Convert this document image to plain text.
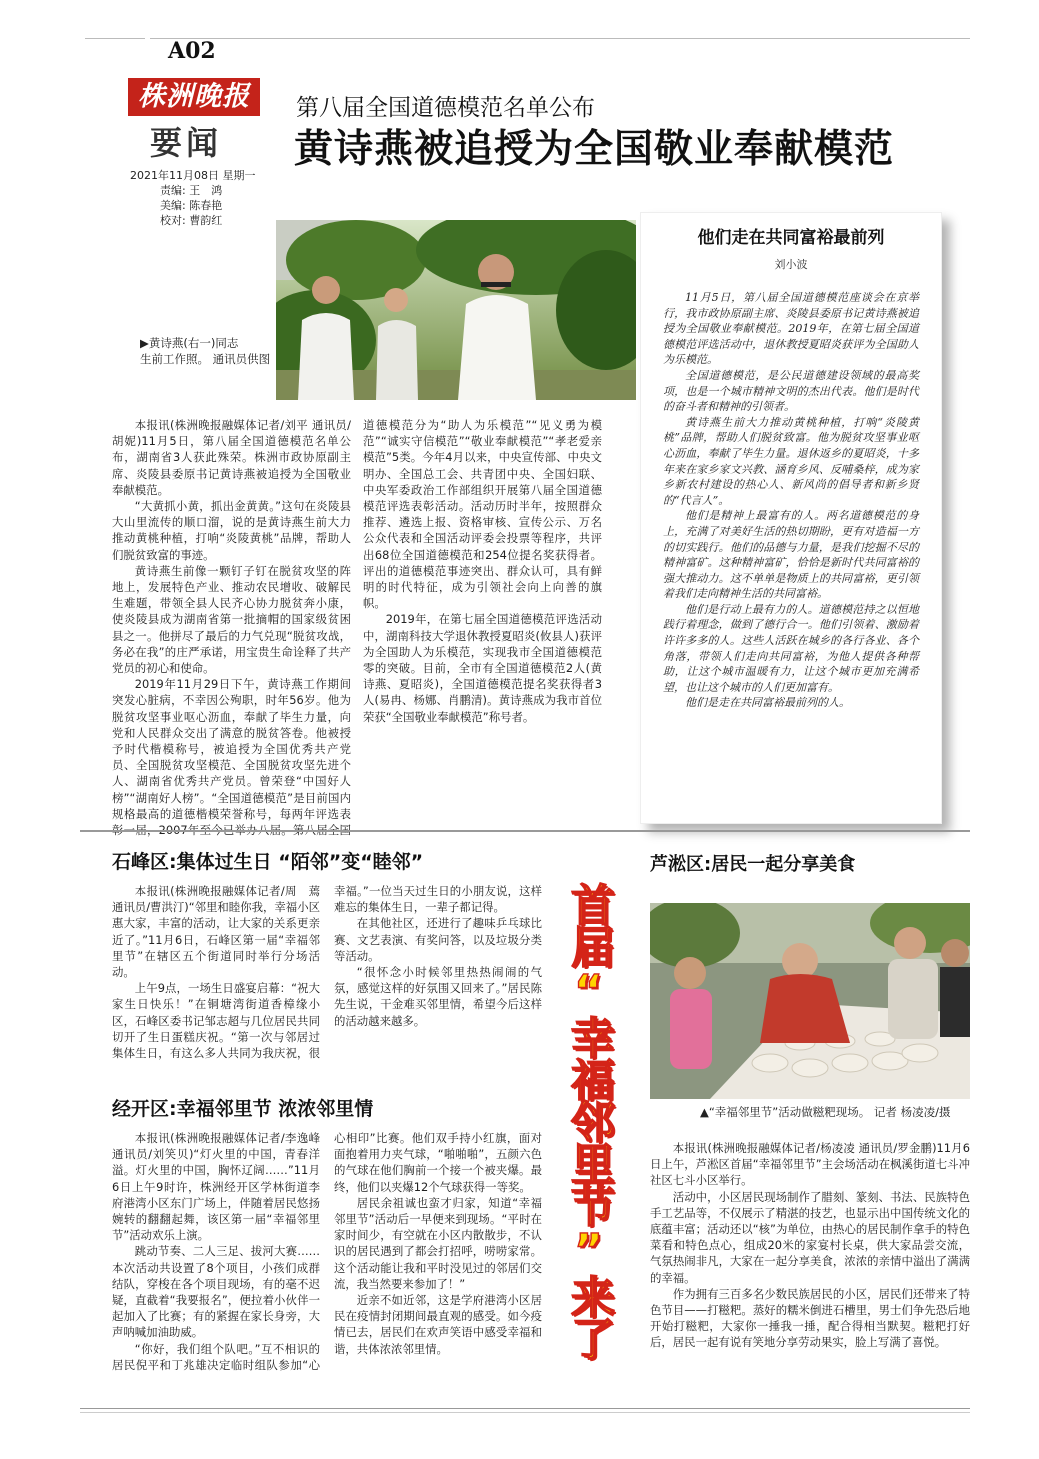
A02
株洲晚报
要闻
2021年11月08日 星期一
责编: 王　鸿
美编: 陈春艳
校对: 曹韵红
第八届全国道德模范名单公布
黄诗燕被追授为全国敬业奉献模范
▶黄诗燕(右一)同志
生前工作照。 通讯员供图

本报讯(株洲晚报融媒体记者/刘平 通讯员/胡妮)11月5日，第八届全国道德模范名单公布，湖南省3人获此殊荣。株洲市政协原副主席、炎陵县委原书记黄诗燕被追授为全国敬业奉献模范。

“大黄抓小黄，抓出金黄黄。”这句在炎陵县大山里流传的顺口溜，说的是黄诗燕生前大力推动黄桃种植，打响“炎陵黄桃”品牌，帮助人们脱贫致富的事迹。

黄诗燕生前像一颗钉子钉在脱贫攻坚的阵地上，发展特色产业、推动农民增收、破解民生难题，带领全县人民齐心协力脱贫奔小康，使炎陵县成为湖南省第一批摘帽的国家级贫困县之一。他拼尽了最后的力气兑现“脱贫攻战，务必在我”的庄严承诺，用宝贵生命诠释了共产党员的初心和使命。

2019年11月29日下午，黄诗燕工作期间突发心脏病，不幸因公殉职，时年56岁。他为脱贫攻坚事业呕心沥血，奉献了毕生力量，向党和人民群众交出了满意的脱贫答卷。他被授予时代楷模称号，被追授为全国优秀共产党员、全国脱贫攻坚模范、全国脱贫攻坚先进个人、湖南省优秀共产党员。曾荣登“中国好人榜”“湖南好人榜”。“全国道德模范”是目前国内规格最高的道德楷模荣誉称号，每两年评选表彰一届，2007年至今已举办八届。第八届全国道德模范分为“助人为乐模范”“见义勇为模范”“诚实守信模范”“敬业奉献模范”“孝老爱亲模范”5类。今年4月以来，中央宣传部、中央文明办、全国总工会、共青团中央、全国妇联、中央军委政治工作部组织开展第八届全国道德模范评选表彰活动。活动历时半年，按照群众推荐、遴选上报、资格审核、宣传公示、万名公众代表和全国活动评委会投票等程序，共评出68位全国道德模范和254位提名奖获得者。评出的道德模范事迹突出、群众认可，具有鲜明的时代特征，成为引领社会向上向善的旗帜。

2019年，在第七届全国道德模范评选活动中，湖南科技大学退休教授夏昭炎(攸县人)获评为全国助人为乐模范，实现我市全国道德模范零的突破。目前，全市有全国道德模范2人(黄诗燕、夏昭炎)，全国道德模范提名奖获得者3人(易冉、杨娜、肖鹏清)。黄诗燕成为我市首位荣获“全国敬业奉献模范”称号者。

他们走在共同富裕最前列
刘小波

11月5日，第八届全国道德模范座谈会在京举行，我市政协原副主席、炎陵县委原书记黄诗燕被追授为全国敬业奉献模范。2019年，在第七届全国道德模范评选活动中，退休教授夏昭炎获评为全国助人为乐模范。

全国道德模范，是公民道德建设领域的最高奖项，也是一个城市精神文明的杰出代表。他们是时代的奋斗者和精神的引领者。

黄诗燕生前大力推动黄桃种植，打响“炎陵黄桃”品牌，帮助人们脱贫致富。他为脱贫攻坚事业呕心沥血，奉献了毕生力量。退休返乡的夏昭炎，十多年来在家乡家文兴教、涵育乡风、反哺桑梓，成为家乡新农村建设的热心人、新风尚的倡导者和新乡贤的“代言人”。

他们是精神上最富有的人。两名道德模范的身上，充满了对美好生活的热切期盼，更有对造福一方的切实践行。他们的品德与力量，是我们挖掘不尽的精神富矿。这种精神富矿，恰恰是新时代共同富裕的强大推动力。这不单单是物质上的共同富裕，更引领着我们走向精神生活的共同富裕。

他们是行动上最有力的人。道德模范持之以恒地践行着理念，做到了德行合一。他们引领着、激励着许许多多的人。这些人活跃在城乡的各行各业、各个角落，带领人们走向共同富裕，为他人提供各种帮助，让这个城市温暖有力，让这个城市更加充满希望，也让这个城市的人们更加富有。

他们是走在共同富裕最前列的人。

石峰区:集体过生日 “陌邻”变“睦邻”

本报讯(株洲晚报融媒体记者/周　蔫 通讯员/曹洪汀)“邻里和睦你我，幸福小区惠大家，丰富的活动，让大家的关系更亲近了。”11月6日，石峰区第一届“幸福邻里节”在辖区五个街道同时举行分场活动。

上午9点，一场生日盛宴启幕：“祝大家生日快乐！”在铜塘湾街道香樟缘小区，石峰区委书记邹志超与几位居民共同切开了生日蛋糕庆祝。“第一次与邻居过集体生日，有这么多人共同为我庆祝，很幸福。”一位当天过生日的小朋友说，这样难忘的集体生日，一辈子都记得。

在其他社区，还进行了趣味乒乓球比赛、文艺表演、有奖问答，以及垃圾分类等活动。

“很怀念小时候邻里热热闹闹的气氛，感觉这样的好氛围又回来了。”居民陈先生说，干金难买邻里情，希望今后这样的活动越来越多。

经开区:幸福邻里节 浓浓邻里情

本报讯(株洲晚报融媒体记者/李逸峰 通讯员/刘笑贝)“灯火里的中国，青春洋溢。灯火里的中国，胸怀辽阔……”11月6日上午9时许，株洲经开区学林街道李府港湾小区东门广场上，伴随着居民悠扬婉转的翻翻起舞，该区第一届“幸福邻里节”活动欢乐上演。

跳动节奏、二人三足、拔河大赛……本次活动共设置了8个项目，小孩们成群结队，穿梭在各个项目现场，有的毫不迟疑，直截着“我要报名”，便拉着小伙伴一起加入了比赛；有的紧握在家长身旁，大声呐喊加油助威。

“你好，我们组个队吧。”互不相识的居民倪平和丁兆雄决定临时组队参加“心心相印”比赛。他们双手持小红旗，面对面抱着用力夹气球，“啪啪啪”，五颜六色的气球在他们胸前一个接一个被夹爆。最终，他们以夹爆12个气球获得一等奖。

居民余祖诚也蛮才归家，知道“幸福邻里节”活动后一早便来到现场。“平时在家时间少，有空就在小区内散散步，不认识的居民遇到了都会打招呼，唠唠家常。这个活动能让我和平时没见过的邻居们交流，我当然要来参加了！”

近亲不如近邻，这是学府港湾小区居民在疫情封闭期间最直观的感受。如今疫情已去，居民们在欢声笑语中感受幸福和谐，共体浓浓邻里情。	首届“幸福邻里节”来了
芦淞区:居民一起分享美食
▲“幸福邻里节”活动做糍粑现场。 记者 杨凌凌/摄

本报讯(株洲晚报融媒体记者/杨凌凌 通讯员/罗金鹏)11月6日上午，芦淞区首届“幸福邻里节”主会场活动在枫溪街道七斗冲社区七斗小区举行。

活动中，小区居民现场制作了腊刻、篆刻、书法、民族特色手工艺品等，不仅展示了精湛的技艺，也显示出中国传统文化的底蕴丰富；活动还以“核”为单位，由热心的居民制作拿手的特色菜看和特色点心，组成20米的家宴村长桌，供大家品尝交流，气氛热闹非凡，大家在一起分享美食，浓浓的亲情中溢出了满满的幸福。

作为拥有三百多名少数民族居民的小区，居民们还带来了特色节目——打糍粑。蒸好的糯米倒进石槽里，男士们争先恐后地开始打糍粑，大家你一捶我一捶，配合得相当默契。糍粑打好后，居民一起有说有笑地分享劳动果实，脸上写满了喜悦。
